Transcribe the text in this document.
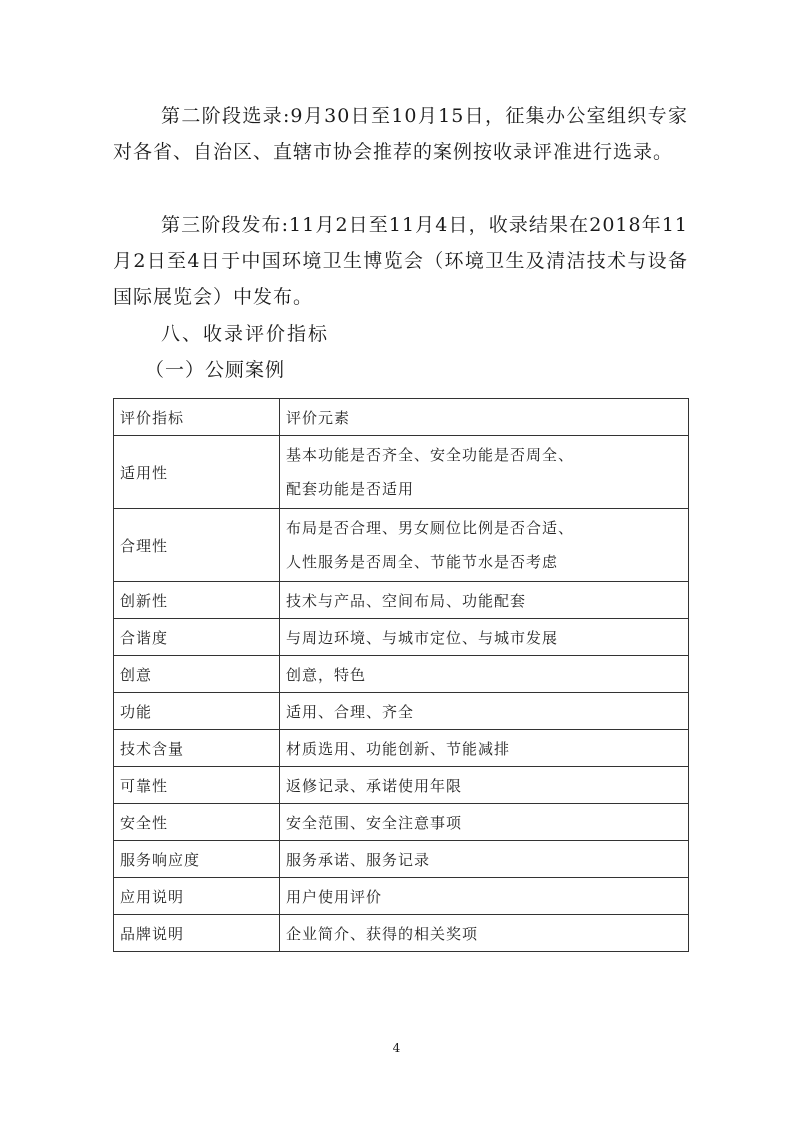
第二阶段选录:9月30日至10月15日，征集办公室组织专家对各省、自治区、直辖市协会推荐的案例按收录评准进行选录。

第三阶段发布:11月2日至11月4日，收录结果在2018年11月2日至4日于中国环境卫生博览会（环境卫生及清洁技术与设备国际展览会）中发布。

八、收录评价指标

（一）公厕案例

评价指标	评价元素
适用性	基本功能是否齐全、安全功能是否周全、
配套功能是否适用

合理性	布局是否合理、男女厕位比例是否合适、
人性服务是否周全、节能节水是否考虑

创新性	技术与产品、空间布局、功能配套
合谐度	与周边环境、与城市定位、与城市发展
创意	创意，特色
功能	适用、合理、齐全
技术含量	材质选用、功能创新、节能减排
可靠性	返修记录、承诺使用年限
安全性	安全范围、安全注意事项
服务响应度	服务承诺、服务记录
应用说明	用户使用评价
品牌说明	企业简介、获得的相关奖项
4
